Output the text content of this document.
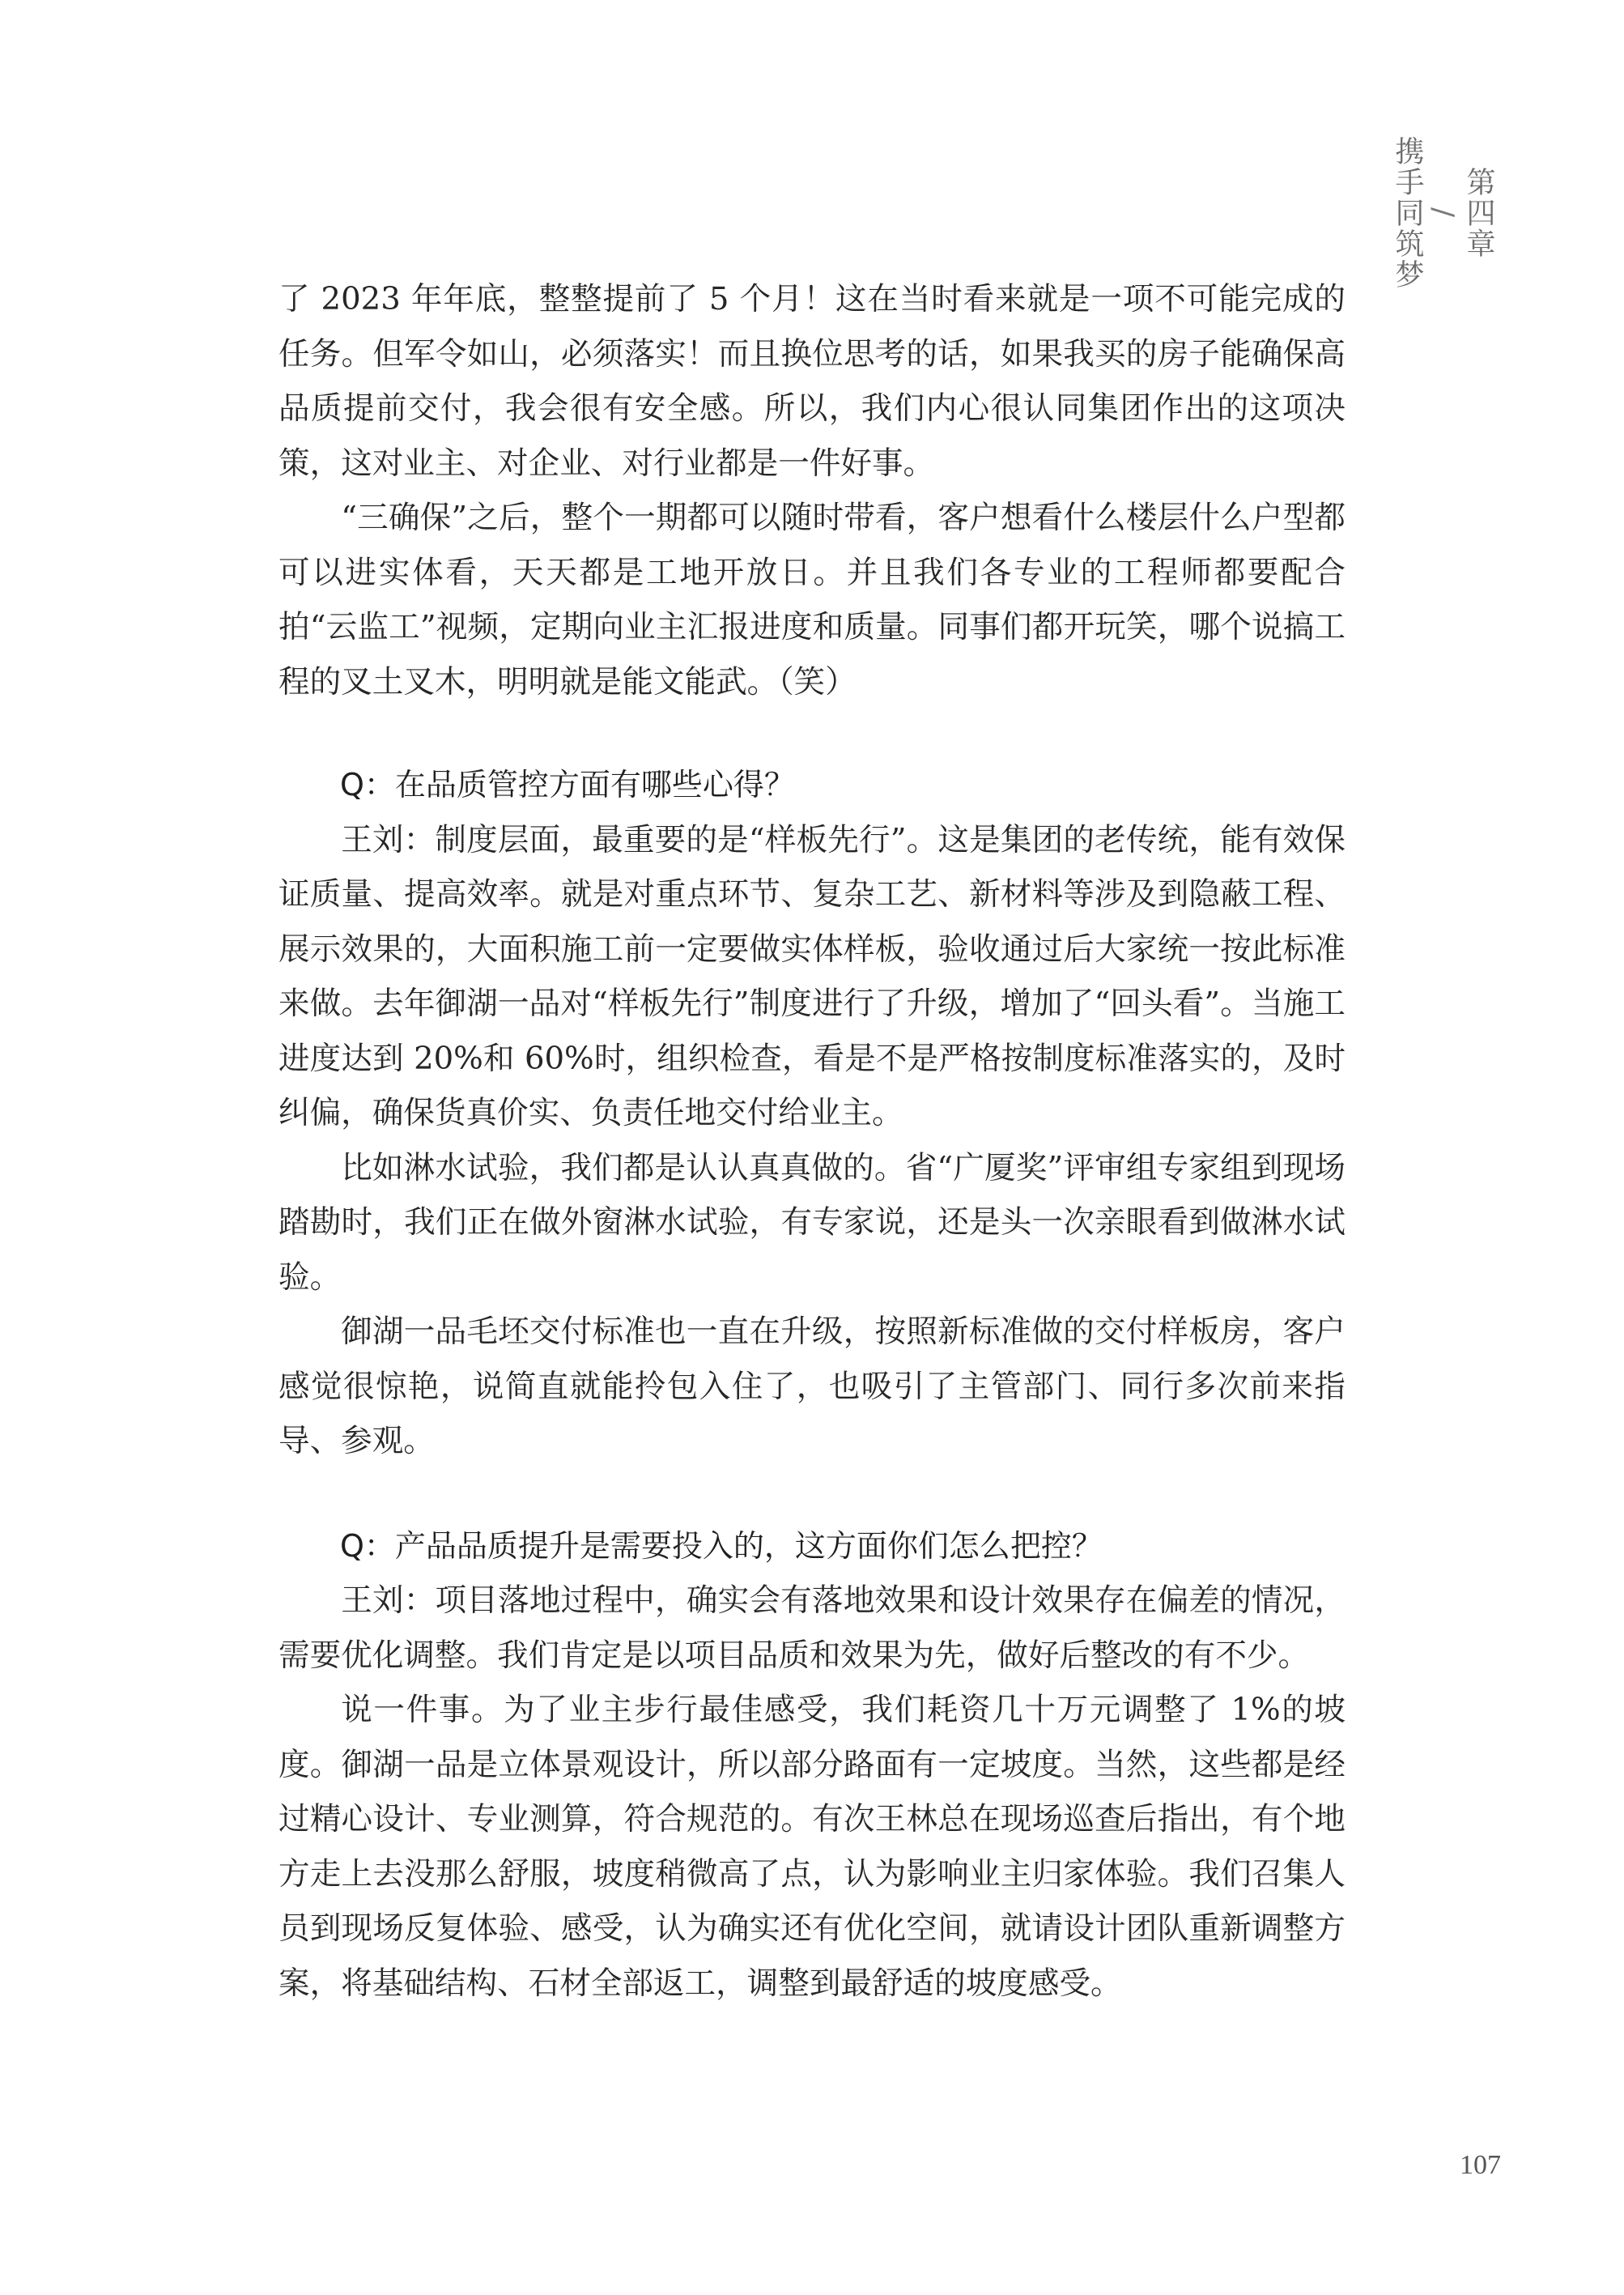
第四章
/
携手同筑梦

了 2023 年年底，整整提前了 5 个月！这在当时看来就是一项不可能完成的任务。但军令如山，必须落实！而且换位思考的话，如果我买的房子能确保高品质提前交付，我会很有安全感。所以，我们内心很认同集团作出的这项决策，这对业主、对企业、对行业都是一件好事。

“三确保”之后，整个一期都可以随时带看，客户想看什么楼层什么户型都可以进实体看，天天都是工地开放日。并且我们各专业的工程师都要配合拍“云监工”视频，定期向业主汇报进度和质量。同事们都开玩笑，哪个说搞工程的叉土叉木，明明就是能文能武。（笑）

Q：在品质管控方面有哪些心得？

王刘：制度层面，最重要的是“样板先行”。这是集团的老传统，能有效保证质量、提高效率。就是对重点环节、复杂工艺、新材料等涉及到隐蔽工程、展示效果的，大面积施工前一定要做实体样板，验收通过后大家统一按此标准来做。去年御湖一品对“样板先行”制度进行了升级，增加了“回头看”。当施工进度达到 20%和 60%时，组织检查，看是不是严格按制度标准落实的，及时纠偏，确保货真价实、负责任地交付给业主。

比如淋水试验，我们都是认认真真做的。省“广厦奖”评审组专家组到现场踏勘时，我们正在做外窗淋水试验，有专家说，还是头一次亲眼看到做淋水试验。

御湖一品毛坯交付标准也一直在升级，按照新标准做的交付样板房，客户感觉很惊艳，说简直就能拎包入住了，也吸引了主管部门、同行多次前来指导、参观。

Q：产品品质提升是需要投入的，这方面你们怎么把控？

王刘：项目落地过程中，确实会有落地效果和设计效果存在偏差的情况，需要优化调整。我们肯定是以项目品质和效果为先，做好后整改的有不少。

说一件事。为了业主步行最佳感受，我们耗资几十万元调整了 1%的坡度。御湖一品是立体景观设计，所以部分路面有一定坡度。当然，这些都是经过精心设计、专业测算，符合规范的。有次王林总在现场巡查后指出，有个地方走上去没那么舒服，坡度稍微高了点，认为影响业主归家体验。我们召集人员到现场反复体验、感受，认为确实还有优化空间，就请设计团队重新调整方案，将基础结构、石材全部返工，调整到最舒适的坡度感受。

107
